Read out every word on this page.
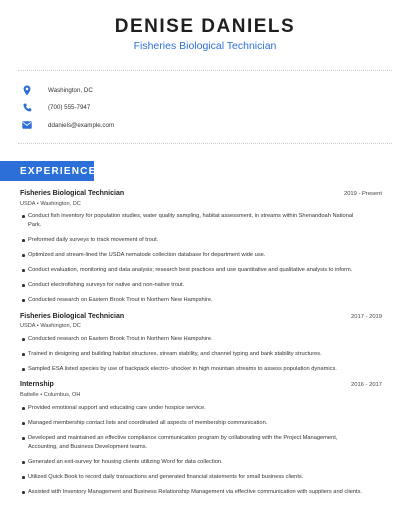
DENISE DANIELS
Fisheries Biological Technician
Washington, DC
(700) 555-7947
ddaniels@example.com
EXPERIENCE
Fisheries Biological Technician	2019 - Present
USDA • Washington, DC
Conduct fish inventory for population studies, water quality sampling, habitat assessment, in streams within Shenandoah National Park.
Preformed daily surveys to track movement of trout.
Optimized and stream-lined the USDA nematode collection database for department wide use.
Conduct evaluation, monitoring and data analysis; research best practices and use quantitative and qualitative analysis to inform.
Conduct electrofishing surveys for native and non-native trout.
Conducted research on Eastern Brook Trout in Northern New Hampshire.
Fisheries Biological Technician	2017 - 2019
USDA • Washington, DC
Conducted research on Eastern Brook Trout in Northern New Hampshire.
Trained in designing and building habitat structures, stream stability, and channel typing and bank stability structures.
Sampled ESA listed species by use of backpack electro- shocker in high mountain streams to assess population dynamics.
Internship	2016 - 2017
Battelle • Columbus, OH
Provided emotional support and educating care under hospice service.
Managed membership contact lists and coordinated all aspects of membership communication.
Developed and maintained an effective compliance communication program by collaborating with the Project Management, Accounting, and Business Development teams.
Generated an exit-survey for housing clients utilizing Word for data collection.
Utilized Quick Book to record daily transactions and generated financial statements for small business clients.
Assisted with Inventory Management and Business Relationship Management via effective communication with suppliers and clients.
